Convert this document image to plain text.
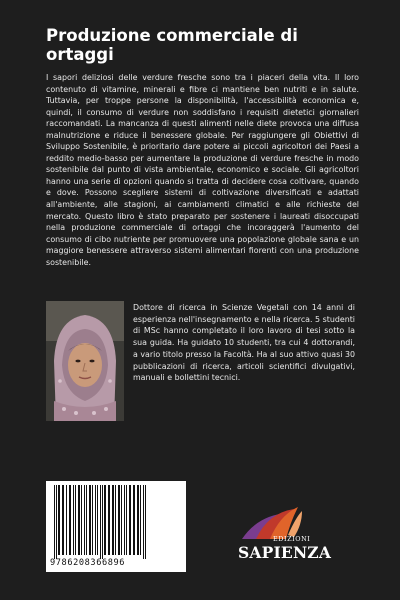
Produzione commerciale di ortaggi

I sapori deliziosi delle verdure fresche sono tra i piaceri della vita. Il loro contenuto di vitamine, minerali e fibre ci mantiene ben nutriti e in salute. Tuttavia, per troppe persone la disponibilità, l'accessibilità economica e, quindi, il consumo di verdure non soddisfano i requisiti dietetici giornalieri raccomandati. La mancanza di questi alimenti nelle diete provoca una diffusa malnutrizione e riduce il benessere globale. Per raggiungere gli Obiettivi di Sviluppo Sostenibile, è prioritario dare potere ai piccoli agricoltori dei Paesi a reddito medio-basso per aumentare la produzione di verdure fresche in modo sostenibile dal punto di vista ambientale, economico e sociale. Gli agricoltori hanno una serie di opzioni quando si tratta di decidere cosa coltivare, quando e dove. Possono scegliere sistemi di coltivazione diversificati e adattati all'ambiente, alle stagioni, ai cambiamenti climatici e alle richieste del mercato. Questo libro è stato preparato per sostenere i laureati disoccupati nella produzione commerciale di ortaggi che incoraggerà l'aumento del consumo di cibo nutriente per promuovere una popolazione globale sana e un maggiore benessere attraverso sistemi alimentari fiorenti con una produzione sostenibile.

Dottore di ricerca in Scienze Vegetali con 14 anni di esperienza nell'insegnamento e nella ricerca. 5 studenti di MSc hanno completato il loro lavoro di tesi sotto la sua guida. Ha guidato 10 studenti, tra cui 4 dottorandi, a vario titolo presso la Facoltà. Ha al suo attivo quasi 30 pubblicazioni di ricerca, articoli scientifici divulgativi, manuali e bollettini tecnici.

9786208366896
EDIZIONI
SAPIENZA
